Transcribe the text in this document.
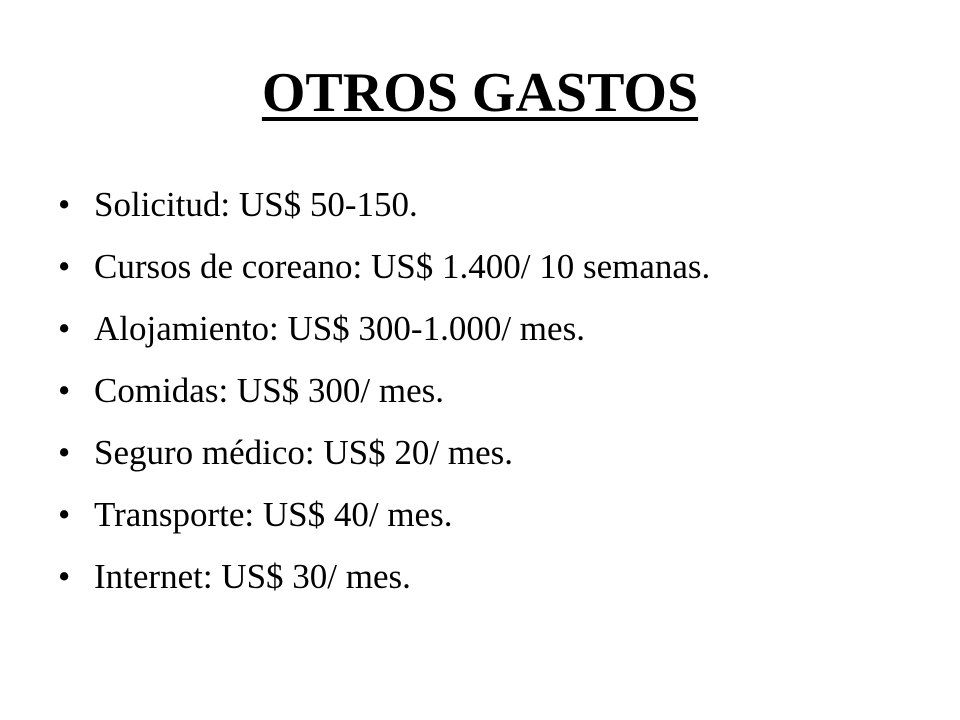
OTROS GASTOS
• Solicitud: US$ 50-150.
• Cursos de coreano: US$ 1.400/ 10 semanas.
• Alojamiento: US$ 300-1.000/ mes.
• Comidas: US$ 300/ mes.
• Seguro médico: US$ 20/ mes.
• Transporte: US$ 40/ mes.
• Internet: US$ 30/ mes.
